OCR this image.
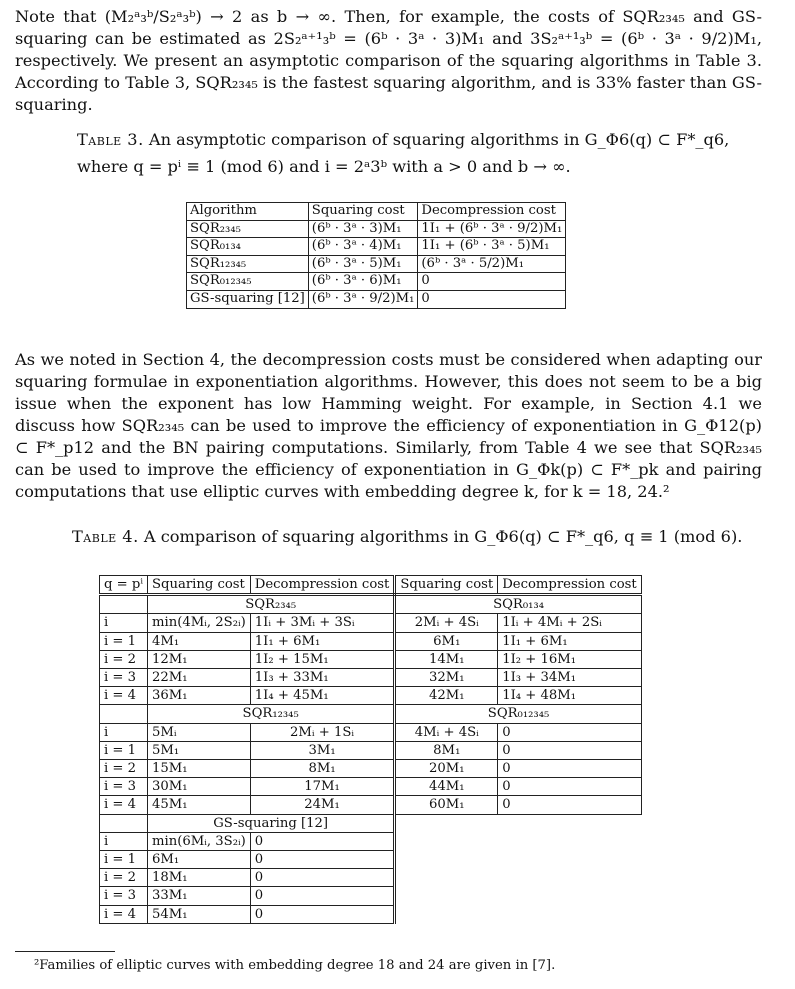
Note that (M₂ᵃ₃ᵇ/S₂ᵃ₃ᵇ) → 2 as b → ∞. Then, for example, the costs of SQR₂₃₄₅ and GS-squaring can be estimated as 2S₂ᵃ⁺¹₃ᵇ = (6ᵇ · 3ᵃ · 3)M₁ and 3S₂ᵃ⁺¹₃ᵇ = (6ᵇ · 3ᵃ · 9/2)M₁, respectively. We present an asymptotic comparison of the squaring algorithms in Table 3. According to Table 3, SQR₂₃₄₅ is the fastest squaring algorithm, and is 33% faster than GS-squaring.
Table 3. An asymptotic comparison of squaring algorithms in G_Φ6(q) ⊂ F*_q6,
where q = pⁱ ≡ 1 (mod 6) and i = 2ᵃ3ᵇ with a > 0 and b → ∞.
Algorithm	Squaring cost	Decompression cost
SQR₂₃₄₅	(6ᵇ · 3ᵃ · 3)M₁	1I₁ + (6ᵇ · 3ᵃ · 9/2)M₁
SQR₀₁₃₄	(6ᵇ · 3ᵃ · 4)M₁	1I₁ + (6ᵇ · 3ᵃ · 5)M₁
SQR₁₂₃₄₅	(6ᵇ · 3ᵃ · 5)M₁	(6ᵇ · 3ᵃ · 5/2)M₁
SQR₀₁₂₃₄₅	(6ᵇ · 3ᵃ · 6)M₁	0
GS-squaring [12]	(6ᵇ · 3ᵃ · 9/2)M₁	0
As we noted in Section 4, the decompression costs must be considered when adapting our squaring formulae in exponentiation algorithms. However, this does not seem to be a big issue when the exponent has low Hamming weight. For example, in Section 4.1 we discuss how SQR₂₃₄₅ can be used to improve the efficiency of exponentiation in G_Φ12(p) ⊂ F*_p12 and the BN pairing computations. Similarly, from Table 4 we see that SQR₂₃₄₅ can be used to improve the efficiency of exponentiation in G_Φk(p) ⊂ F*_pk and pairing computations that use elliptic curves with embedding degree k, for k = 18, 24.²
Table 4. A comparison of squaring algorithms in G_Φ6(q) ⊂ F*_q6, q ≡ 1 (mod 6).
q = pⁱ	Squaring cost	Decompression cost	Squaring cost	Decompression cost
	SQR₂₃₄₅		SQR₀₁₃₄	
i	min(4Mᵢ, 2S₂ᵢ)	1Iᵢ + 3Mᵢ + 3Sᵢ	2Mᵢ + 4Sᵢ	1Iᵢ + 4Mᵢ + 2Sᵢ
i = 1	4M₁	1I₁ + 6M₁	6M₁	1I₁ + 6M₁
i = 2	12M₁	1I₂ + 15M₁	14M₁	1I₂ + 16M₁
i = 3	22M₁	1I₃ + 33M₁	32M₁	1I₃ + 34M₁
i = 4	36M₁	1I₄ + 45M₁	42M₁	1I₄ + 48M₁
	SQR₁₂₃₄₅		SQR₀₁₂₃₄₅	
i	5Mᵢ	2Mᵢ + 1Sᵢ	4Mᵢ + 4Sᵢ	0
i = 1	5M₁	3M₁	8M₁	0
i = 2	15M₁	8M₁	20M₁	0
i = 3	30M₁	17M₁	44M₁	0
i = 4	45M₁	24M₁	60M₁	0
	GS-squaring [12]			
i	min(6Mᵢ, 3S₂ᵢ)	0		
i = 1	6M₁	0		
i = 2	18M₁	0		
i = 3	33M₁	0		
i = 4	54M₁	0		
²Families of elliptic curves with embedding degree 18 and 24 are given in [7].
